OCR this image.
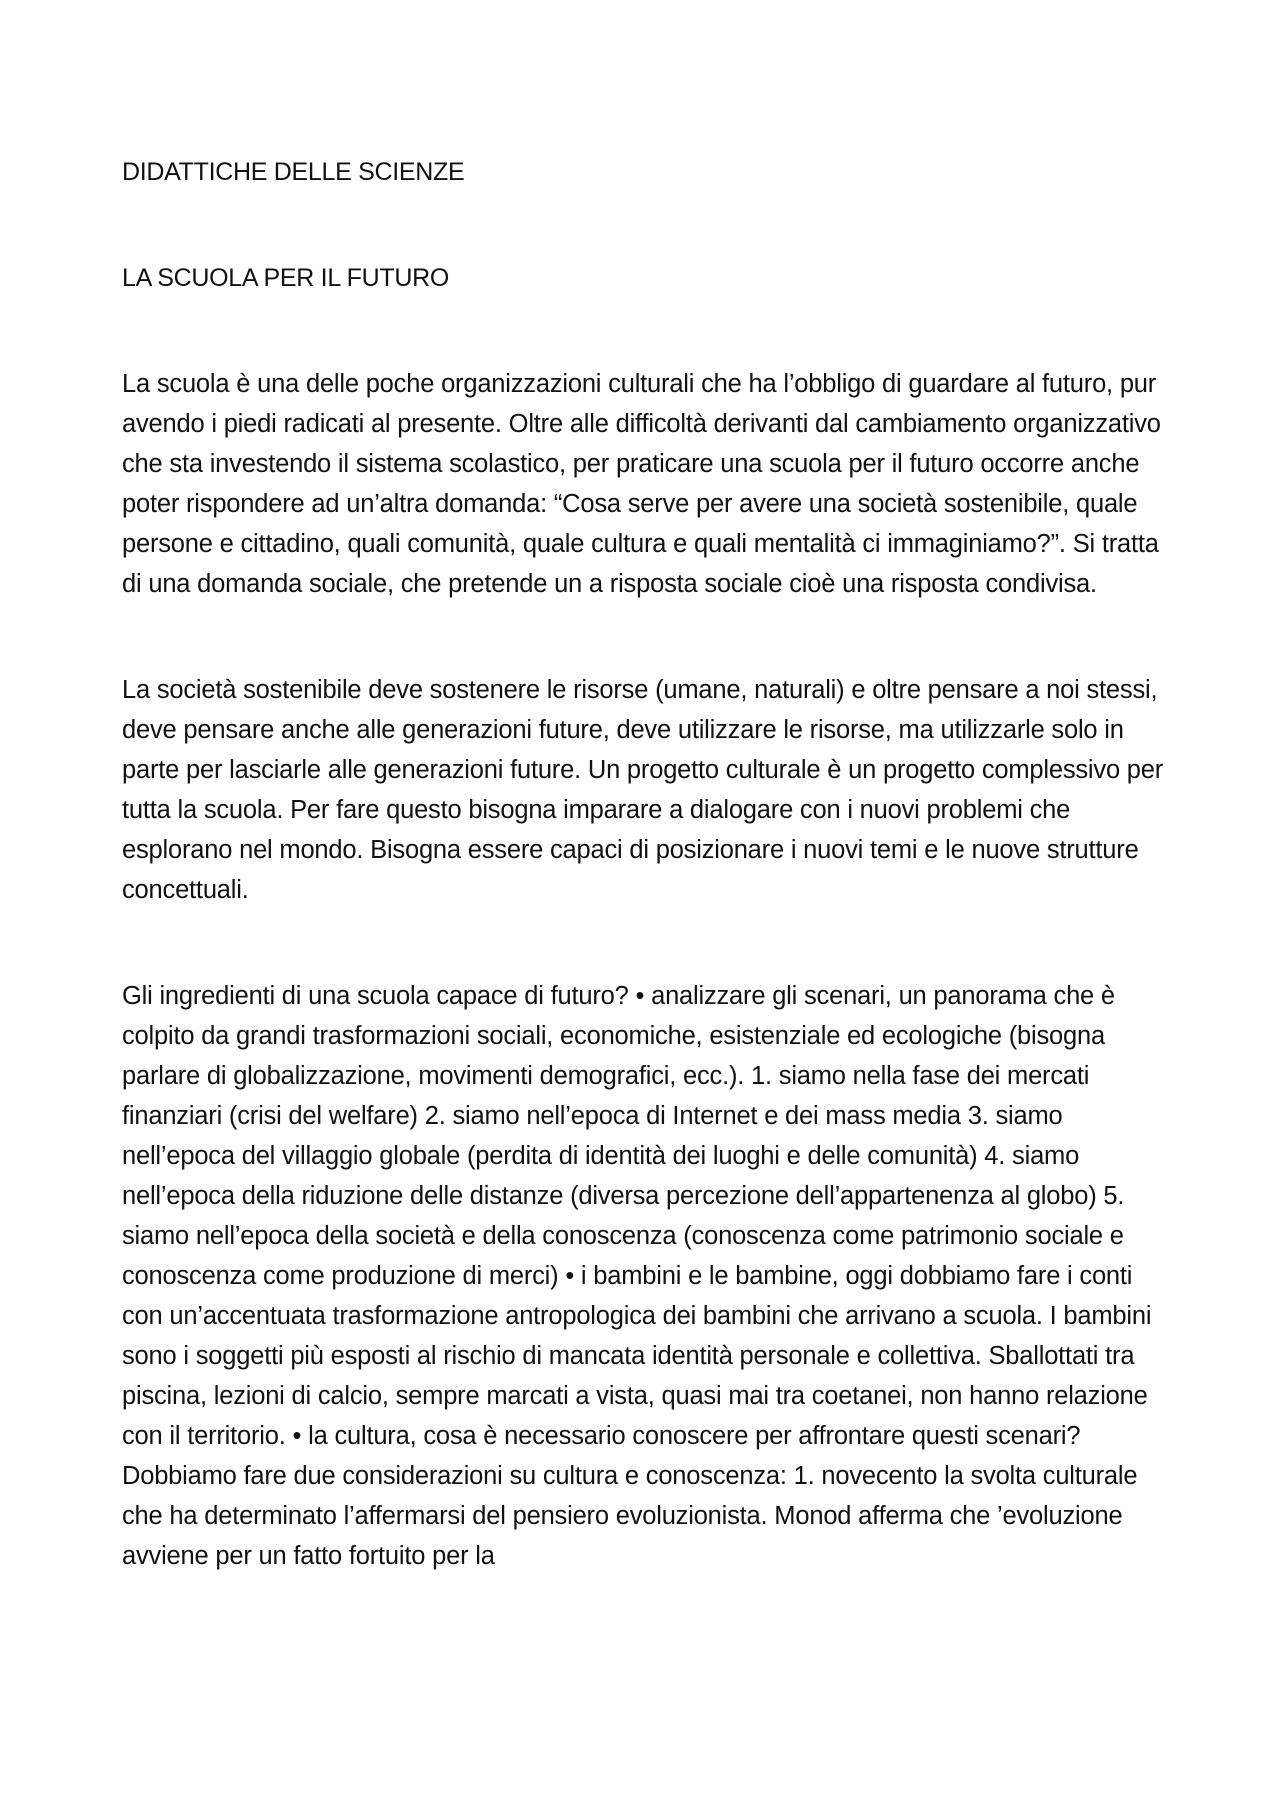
DIDATTICHE DELLE SCIENZE

LA SCUOLA PER IL FUTURO

La scuola è una delle poche organizzazioni culturali che ha l’obbligo di guardare al futuro, pur avendo i piedi radicati al presente. Oltre alle difficoltà derivanti dal cambiamento organizzativo che sta investendo il sistema scolastico, per praticare una scuola per il futuro occorre anche poter rispondere ad un’altra domanda: “Cosa serve per avere una società sostenibile, quale persone e cittadino, quali comunità, quale cultura e quali mentalità ci immaginiamo?”. Si tratta di una domanda sociale, che pretende un a risposta sociale cioè una risposta condivisa.

La società sostenibile deve sostenere le risorse (umane, naturali) e oltre pensare a noi stessi, deve pensare anche alle generazioni future, deve utilizzare le risorse, ma utilizzarle solo in parte per lasciarle alle generazioni future. Un progetto culturale è un progetto complessivo per tutta la scuola. Per fare questo bisogna imparare a dialogare con i nuovi problemi che esplorano nel mondo. Bisogna essere capaci di posizionare i nuovi temi e le nuove strutture concettuali.

Gli ingredienti di una scuola capace di futuro? • analizzare gli scenari, un panorama che è colpito da grandi trasformazioni sociali, economiche, esistenziale ed ecologiche (bisogna parlare di globalizzazione, movimenti demografici, ecc.). 1. siamo nella fase dei mercati finanziari (crisi del welfare) 2. siamo nell’epoca di Internet e dei mass media 3. siamo nell’epoca del villaggio globale (perdita di identità dei luoghi e delle comunità) 4. siamo nell’epoca della riduzione delle distanze (diversa percezione dell’appartenenza al globo) 5. siamo nell’epoca della società e della conoscenza (conoscenza come patrimonio sociale e conoscenza come produzione di merci) • i bambini e le bambine, oggi dobbiamo fare i conti con un’accentuata trasformazione antropologica dei bambini che arrivano a scuola. I bambini sono i soggetti più esposti al rischio di mancata identità personale e collettiva. Sballottati tra piscina, lezioni di calcio, sempre marcati a vista, quasi mai tra coetanei, non hanno relazione con il territorio. • la cultura, cosa è necessario conoscere per affrontare questi scenari? Dobbiamo fare due considerazioni su cultura e conoscenza: 1. novecento la svolta culturale che ha determinato l’affermarsi del pensiero evoluzionista. Monod afferma che ’evoluzione avviene per un fatto fortuito per la
